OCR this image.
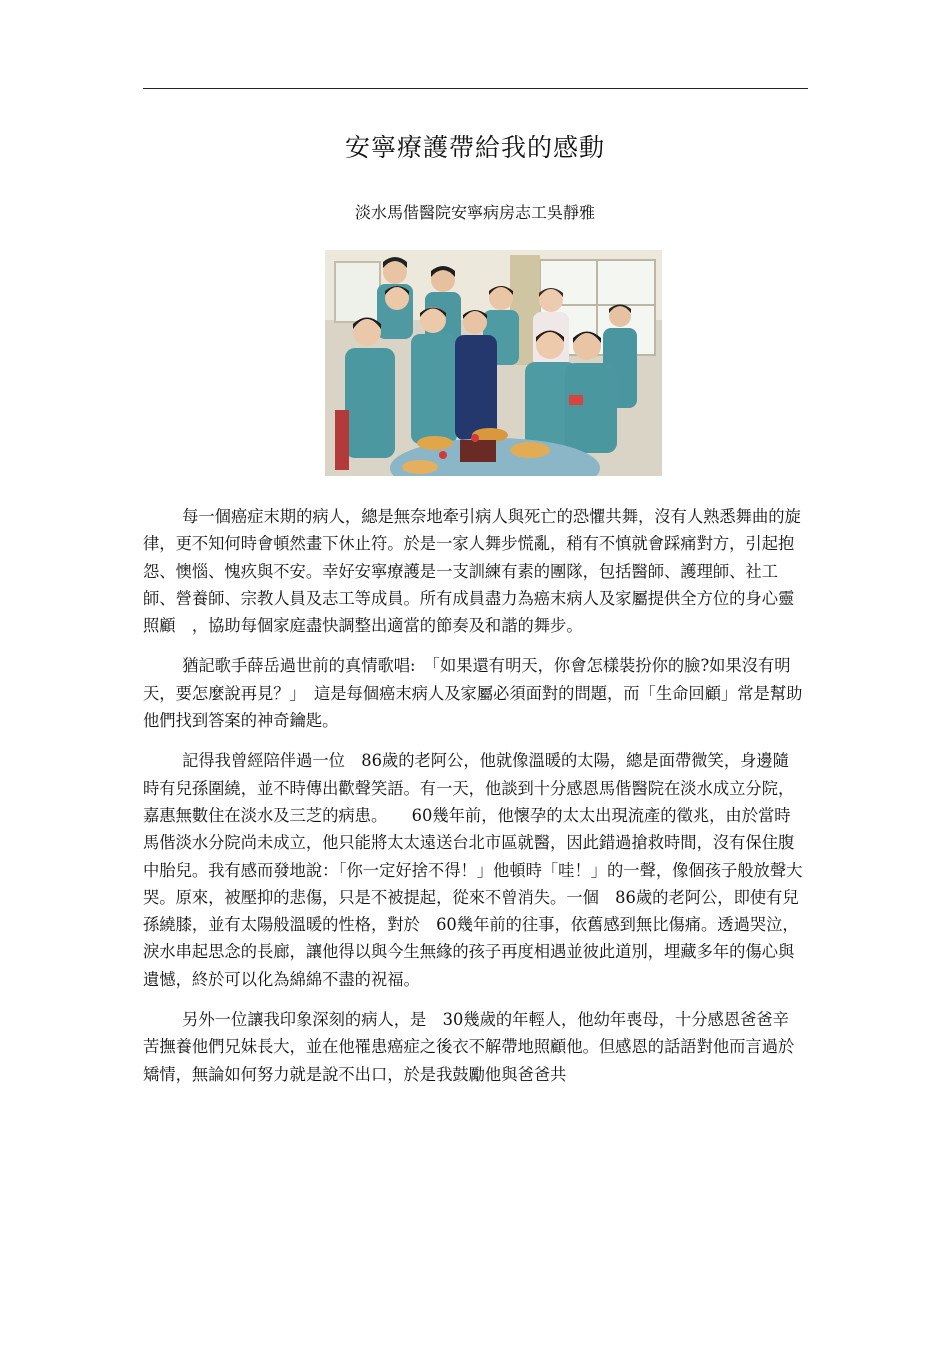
安寧療護帶給我的感動
淡水馬偕醫院安寧病房志工吳靜雅

每一個癌症末期的病人，總是無奈地牽引病人與死亡的恐懼共舞，沒有人熟悉舞曲的旋律，更不知何時會頓然畫下休止符。於是一家人舞步慌亂，稍有不慎就會踩痛對方，引起抱怨、懊惱、愧疚與不安。幸好安寧療護是一支訓練有素的團隊，包括醫師、護理師、社工師、營養師、宗教人員及志工等成員。所有成員盡力為癌末病人及家屬提供全方位的身心靈照顧　，協助每個家庭盡快調整出適當的節奏及和諧的舞步。

猶記歌手薛岳過世前的真情歌唱:　「如果還有明天，你會怎樣裝扮你的臉?如果沒有明天，要怎麼說再見？」　這是每個癌末病人及家屬必須面對的問題，而「生命回顧」常是幫助他們找到答案的神奇鑰匙。

記得我曾經陪伴過一位　86歲的老阿公，他就像溫暖的太陽，總是面帶微笑，身邊隨時有兒孫圍繞，並不時傳出歡聲笑語。有一天，他談到十分感恩馬偕醫院在淡水成立分院，嘉惠無數住在淡水及三芝的病患。　　60幾年前，他懷孕的太太出現流產的徵兆，由於當時馬偕淡水分院尚未成立，他只能將太太遠送台北市區就醫，因此錯過搶救時間，沒有保住腹中胎兒。我有感而發地說：「你一定好捨不得！」他頓時「哇！」的一聲，像個孩子般放聲大哭。原來，被壓抑的悲傷，只是不被提起，從來不曾消失。一個　86歲的老阿公，即使有兒孫繞膝，並有太陽般溫暖的性格，對於　60幾年前的往事，依舊感到無比傷痛。透過哭泣，淚水串起思念的長廊，讓他得以與今生無緣的孩子再度相遇並彼此道別，埋藏多年的傷心與遺憾，終於可以化為綿綿不盡的祝福。

另外一位讓我印象深刻的病人，是　30幾歲的年輕人，他幼年喪母，十分感恩爸爸辛苦撫養他們兄妹長大，並在他罹患癌症之後衣不解帶地照顧他。但感恩的話語對他而言過於矯情，無論如何努力就是說不出口，於是我鼓勵他與爸爸共
